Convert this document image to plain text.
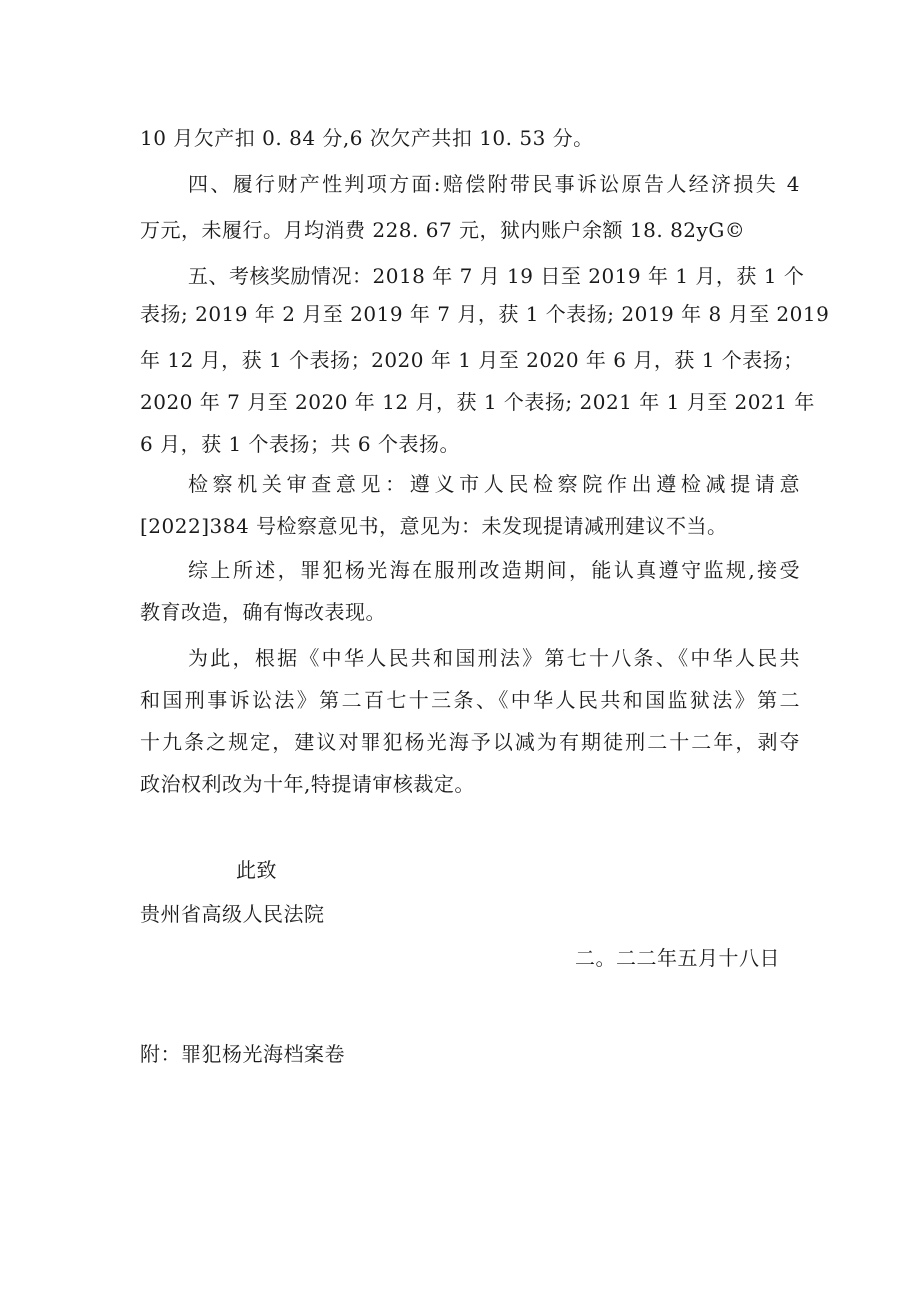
10 月欠产扣 0. 84 分,6 次欠产共扣 10. 53 分。
四、履行财产性判项方面:赔偿附带民事诉讼原告人经济损失 4
万元，未履行。月均消费 228. 67 元，狱内账户余额 18. 82yG©
五、考核奖励情况：2018 年 7 月 19 日至 2019 年 1 月，获 1 个
表扬; 2019 年 2 月至 2019 年 7 月，获 1 个表扬; 2019 年 8 月至 2019
年 12 月，获 1 个表扬；2020 年 1 月至 2020 年 6 月，获 1 个表扬；
2020 年 7 月至 2020 年 12 月，获 1 个表扬; 2021 年 1 月至 2021 年
6 月，获 1 个表扬；共 6 个表扬。
检察机关审查意见：遵义市人民检察院作出遵检减提请意
[2022]384 号检察意见书，意见为：未发现提请减刑建议不当。
综上所述，罪犯杨光海在服刑改造期间，能认真遵守监规,接受
教育改造，确有悔改表现。
为此，根据《中华人民共和国刑法》第七十八条、《中华人民共
和国刑事诉讼法》第二百七十三条、《中华人民共和国监狱法》第二
十九条之规定，建议对罪犯杨光海予以减为有期徒刑二十二年，剥夺
政治权利改为十年,特提请审核裁定。
此致
贵州省高级人民法院
二。二二年五月十八日
附：罪犯杨光海档案卷
